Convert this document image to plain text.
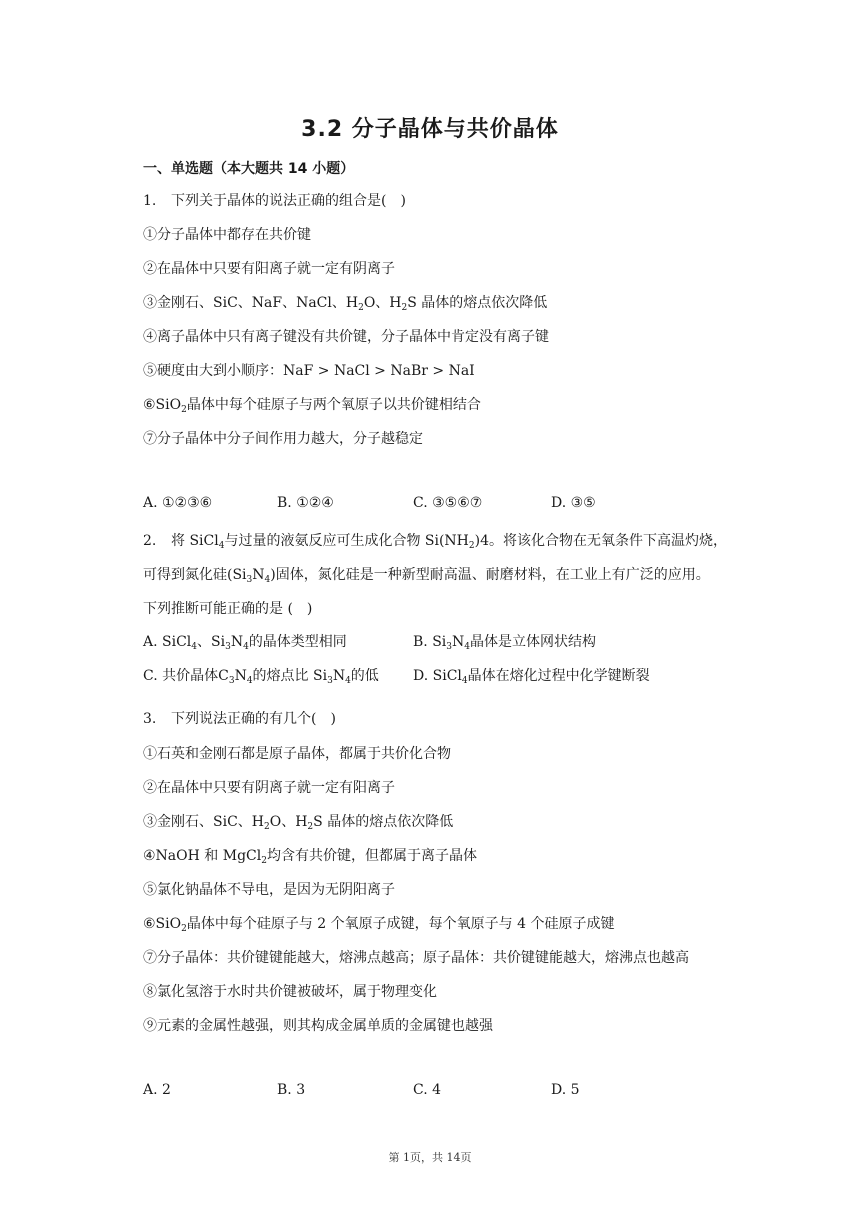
3.2 分子晶体与共价晶体
一、单选题（本大题共 14 小题）
1. 下列关于晶体的说法正确的组合是(　)
①分子晶体中都存在共价键
②在晶体中只要有阳离子就一定有阴离子
③金刚石、SiC、NaF、NaCl、$H_2O$、$H_2S$ 晶体的熔点依次降低
④离子晶体中只有离子键没有共价键，分子晶体中肯定没有离子键
⑤硬度由大到小顺序：NaF > NaCl > NaBr > NaI
⑥SiO$_2$晶体中每个硅原子与两个氧原子以共价键相结合
⑦分子晶体中分子间作用力越大，分子越稳定
A. ①②③⑥	B. ①②④	C. ③⑤⑥⑦	D. ③⑤
2. 将 SiCl$_4$与过量的液氨反应可生成化合物 $Si(NH_2)4$。将该化合物在无氧条件下高温灼烧，
可得到氮化硅$(Si_3N_4)$固体，氮化硅是一种新型耐高温、耐磨材料，在工业上有广泛的应用。
下列推断可能正确的是 (　)
A. SiCl$_4$、$Si_3N_4$的晶体类型相同	B. $Si_3N_4$晶体是立体网状结构
C. 共价晶体$C_3N_4$的熔点比 $Si_3N_4$的低 D. SiCl$_4$晶体在熔化过程中化学键断裂
3. 下列说法正确的有几个(　)
①石英和金刚石都是原子晶体，都属于共价化合物
②在晶体中只要有阴离子就一定有阳离子
③金刚石、SiC、$H_2O$、$H_2S$ 晶体的熔点依次降低
④NaOH 和 MgCl$_2$均含有共价键，但都属于离子晶体
⑤氯化钠晶体不导电，是因为无阴阳离子
⑥SiO$_2$晶体中每个硅原子与 2 个氧原子成键，每个氧原子与 4 个硅原子成键
⑦分子晶体：共价键键能越大，熔沸点越高；原子晶体：共价键键能越大，熔沸点也越高
⑧氯化氢溶于水时共价键被破坏，属于物理变化
⑨元素的金属性越强，则其构成金属单质的金属键也越强
A. 2	B. 3	C. 4	D. 5
第 1页，共 14页
